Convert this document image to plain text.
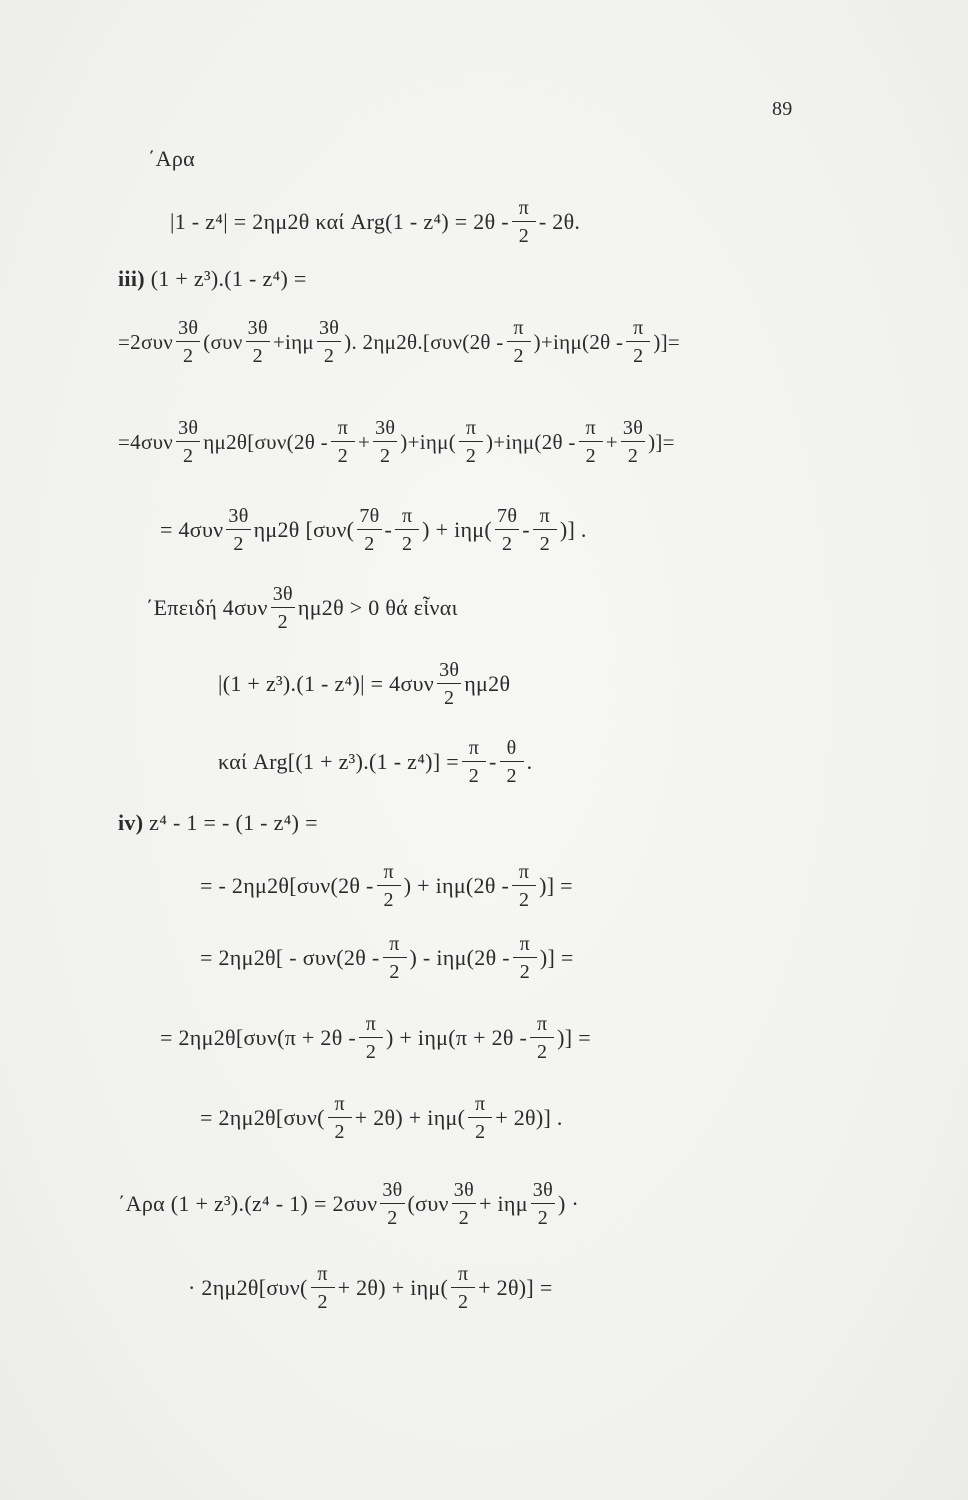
89
΄Αρα
|1 - z⁴| = 2ημ2θ καί $Arg(1 - z^4) = 2\theta - \frac{\pi}{2} - 2\theta$.
iii)
(1 + z³).(1 - z⁴) =
$=2\sigma\upsilon\nu \frac{3\theta}{2} (\sigma\upsilon\nu \frac{3\theta}{2} +i\eta\mu \frac{3\theta}{2}$ ). $2\eta\mu 2\theta.[\sigma\upsilon\nu(2\theta - \frac{\pi}{2} )+i\eta\mu(2\theta - \frac{\pi}{2}$ )]=
$=4\sigma\upsilon\nu \frac{3\theta}{2} \eta\mu 2\theta[\sigma\upsilon\nu(2\theta - \frac{\pi}{2} + \frac{3\theta}{2} )+i\eta\mu( \frac{\pi}{2} )+i\eta\mu(2\theta - \frac{\pi}{2} + \frac{3\theta}{2}$ )]=
= $4\sigma\upsilon\nu \frac{3\theta}{2} \eta\mu 2\theta$ [$\sigma\upsilon\nu( \frac{7\theta}{2} - \frac{\pi}{2}$ ) + $i\eta\mu( \frac{7\theta}{2} - \frac{\pi}{2}$ )] .
΄Επειδή $4\sigma\upsilon\nu \frac{3\theta}{2} \eta\mu 2\theta > 0$ θά εἶναι
$|(1 + z^3).(1 - z^4)| = 4\sigma\upsilon\nu \frac{3\theta}{2} \eta\mu 2\theta$
καί $Arg[(1 + z^3).(1 - z^4)] = \frac{\pi}{2} - \frac{\theta}{2}$ .
iv)
z⁴ - 1 = - (1 - z⁴) =
= - $2\eta\mu 2\theta[\sigma\upsilon\nu(2\theta - \frac{\pi}{2}$ ) + $i\eta\mu(2\theta - \frac{\pi}{2}$ )] =
= $2\eta\mu 2\theta[ - \sigma\upsilon\nu(2\theta - \frac{\pi}{2}$ ) - $i\eta\mu(2\theta - \frac{\pi}{2}$ )] =
= $2\eta\mu 2\theta[\sigma\upsilon\nu(\pi + 2\theta - \frac{\pi}{2}$ ) + $i\eta\mu(\pi + 2\theta - \frac{\pi}{2}$ )] =
= $2\eta\mu 2\theta[\sigma\upsilon\nu( \frac{\pi}{2} + 2\theta) + i\eta\mu( \frac{\pi}{2} + 2\theta)]$ .
΄Αρα $(1 + z^3).(z^4 - 1) = 2\sigma\upsilon\nu \frac{3\theta}{2} (\sigma\upsilon\nu \frac{3\theta}{2} + i\eta\mu \frac{3\theta}{2}$ ) ·
· $2\eta\mu 2\theta[\sigma\upsilon\nu( \frac{\pi}{2} + 2\theta) + i\eta\mu( \frac{\pi}{2} + 2\theta)]$ =
